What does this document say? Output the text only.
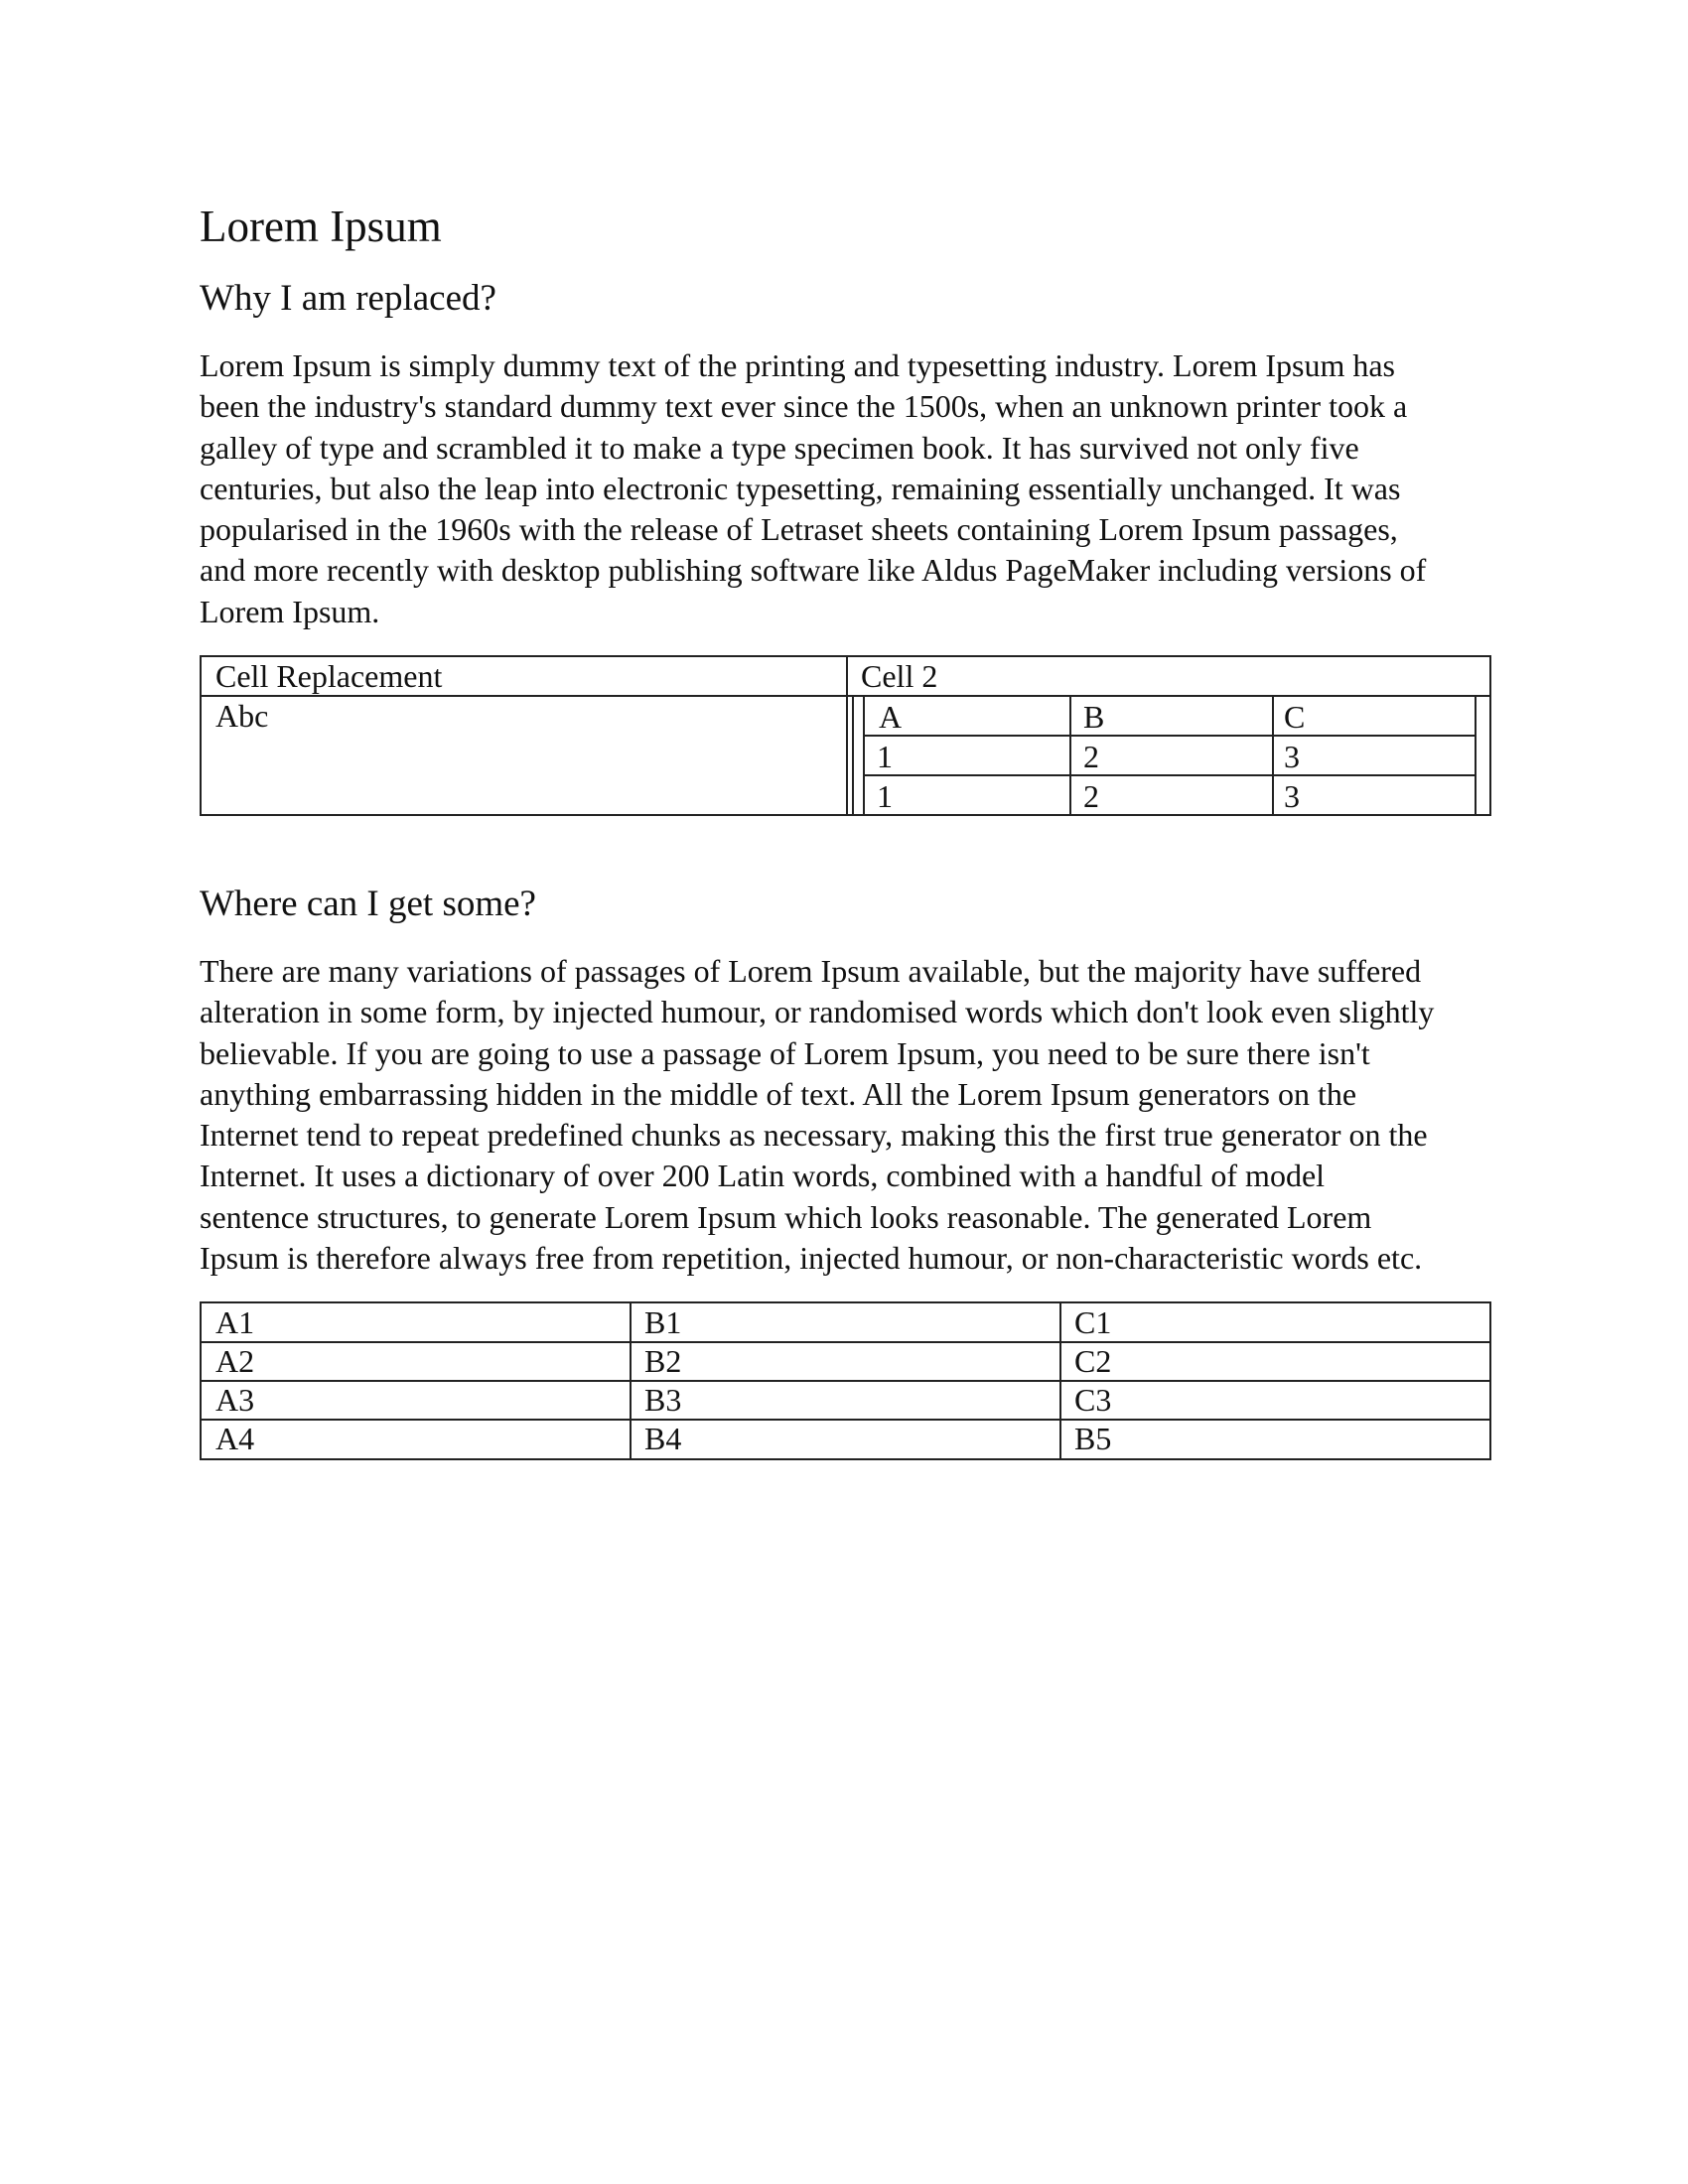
Lorem Ipsum
Why I am replaced?

Lorem Ipsum is simply dummy text of the printing and typesetting industry. Lorem Ipsum has
been the industry's standard dummy text ever since the 1500s, when an unknown printer took a
galley of type and scrambled it to make a type specimen book. It has survived not only five
centuries, but also the leap into electronic typesetting, remaining essentially unchanged. It was
popularised in the 1960s with the release of Letraset sheets containing Lorem Ipsum passages,
and more recently with desktop publishing software like Aldus PageMaker including versions of
Lorem Ipsum.

Cell Replacement	Cell 2
Abc	A	B	C
1	2	3
1	2	3
Where can I get some?

There are many variations of passages of Lorem Ipsum available, but the majority have suffered
alteration in some form, by injected humour, or randomised words which don't look even slightly
believable. If you are going to use a passage of Lorem Ipsum, you need to be sure there isn't
anything embarrassing hidden in the middle of text. All the Lorem Ipsum generators on the
Internet tend to repeat predefined chunks as necessary, making this the first true generator on the
Internet. It uses a dictionary of over 200 Latin words, combined with a handful of model
sentence structures, to generate Lorem Ipsum which looks reasonable. The generated Lorem
Ipsum is therefore always free from repetition, injected humour, or non-characteristic words etc.

A1	B1	C1
A2	B2	C2
A3	B3	C3
A4	B4	B5
